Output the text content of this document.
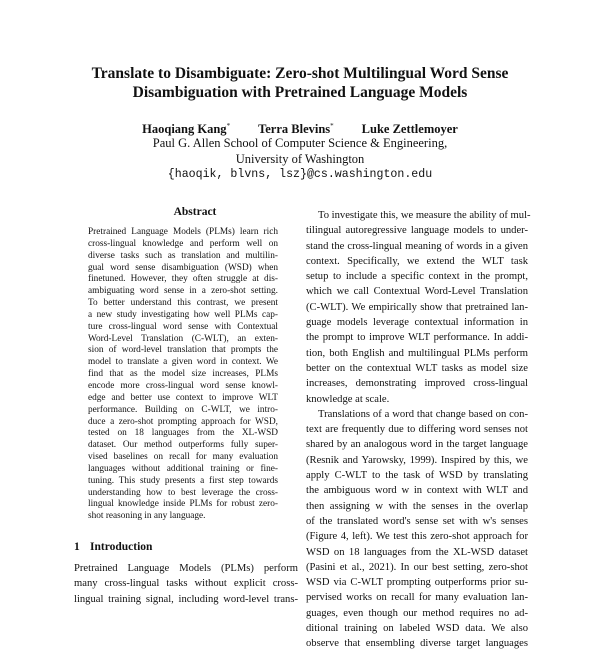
Translate to Disambiguate: Zero-shot Multilingual Word Sense
Disambiguation with Pretrained Language Models
Haoqiang Kang* Terra Blevins* Luke Zettlemoyer
Paul G. Allen School of Computer Science & Engineering,
University of Washington
{haoqik, blvns, lsz}@cs.washington.edu
Abstract
Pretrained Language Models (PLMs) learn rich
cross-lingual knowledge and perform well on
diverse tasks such as translation and multilin-
gual word sense disambiguation (WSD) when
finetuned. However, they often struggle at dis-
ambiguating word sense in a zero-shot setting.
To better understand this contrast, we present
a new study investigating how well PLMs cap-
ture cross-lingual word sense with Contextual
Word-Level Translation (C-WLT), an exten-
sion of word-level translation that prompts the
model to translate a given word in context. We
find that as the model size increases, PLMs
encode more cross-lingual word sense knowl-
edge and better use context to improve WLT
performance. Building on C-WLT, we intro-
duce a zero-shot prompting approach for WSD,
tested on 18 languages from the XL-WSD
dataset. Our method outperforms fully super-
vised baselines on recall for many evaluation
languages without additional training or fine-
tuning. This study presents a first step towards
understanding how to best leverage the cross-
lingual knowledge inside PLMs for robust zero-
shot reasoning in any language.
1 Introduction
Pretrained Language Models (PLMs) perform
many cross-lingual tasks without explicit cross-
lingual training signal, including word-level trans-
To investigate this, we measure the ability of mul-
tilingual autoregressive language models to under-
stand the cross-lingual meaning of words in a given
context. Specifically, we extend the WLT task
setup to include a specific context in the prompt,
which we call Contextual Word-Level Translation
(C-WLT). We empirically show that pretrained lan-
guage models leverage contextual information in
the prompt to improve WLT performance. In addi-
tion, both English and multilingual PLMs perform
better on the contextual WLT tasks as model size
increases, demonstrating improved cross-lingual
knowledge at scale.
Translations of a word that change based on con-
text are frequently due to differing word senses not
shared by an analogous word in the target language
(Resnik and Yarowsky, 1999). Inspired by this, we
apply C-WLT to the task of WSD by translating
the ambiguous word w in context with WLT and
then assigning w with the senses in the overlap
of the translated word's sense set with w's senses
(Figure 4, left). We test this zero-shot approach for
WSD on 18 languages from the XL-WSD dataset
(Pasini et al., 2021). In our best setting, zero-shot
WSD via C-WLT prompting outperforms prior su-
pervised works on recall for many evaluation lan-
guages, even though our method requires no ad-
ditional training on labeled WSD data. We also
observe that ensembling diverse target languages
